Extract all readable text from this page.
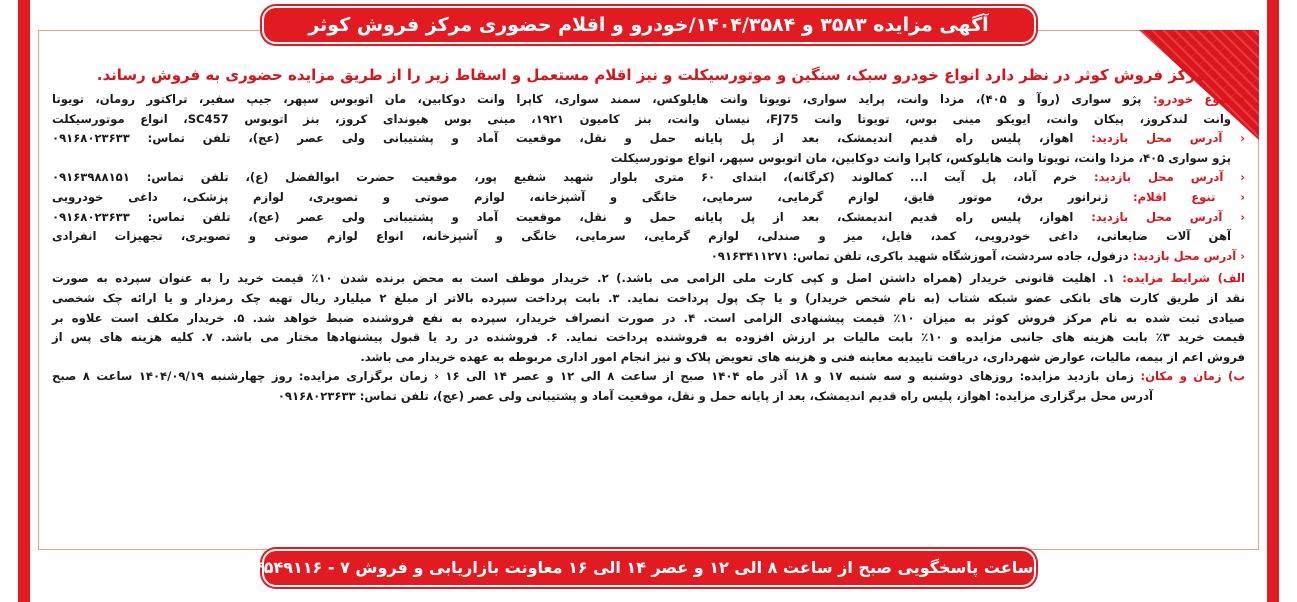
آگهی مزایده ۳۵۸۳ و ۱۴۰۴/۳۵۸۴/خودرو و اقلام حضوری مرکز فروش کوثر
مرکز فروش کوثر در نظر دارد انواع خودرو سبک، سنگین و موتورسیکلت و نیز اقلام مستعمل و اسقاط زیر را از طریق مزایده حضوری به فروش رساند.
‹ تنوع خودرو: پژو سواری (روآ و ۴۰۵)، مزدا وانت، پراید سواری، تویوتا وانت هایلوکس، سمند سواری، کاپرا وانت دوکابین، مان اتوبوس سپهر، جیپ سفیر، تراکتور رومان، تویوتا
وانت لندکروز، پیکان وانت، ایویکو مینی بوس، تویوتا وانت FJ75، نیسان وانت، بنز کامیون ۱۹۲۱، مینی بوس هیوندای کروز، بنز اتوبوس SC457، انواع موتورسیکلت
‹ آدرس محل بازدید: اهواز، پلیس راه قدیم اندیمشک، بعد از پل پایانه حمل و نقل، موقعیت آماد و پشتیبانی ولی عصر (عج)، تلفن تماس: ۰۹۱۶۸۰۲۳۶۳۳
پژو سواری ۴۰۵، مزدا وانت، تویوتا وانت هایلوکس، کاپرا وانت دوکابین، مان اتوبوس سپهر، انواع موتورسیکلت
‹ آدرس محل بازدید: خرم آباد، پل آیت ا... کمالوند (کرگانه)، ابتدای ۶۰ متری بلوار شهید شفیع پور، موقعیت حضرت ابوالفضل (ع)، تلفن تماس: ۰۹۱۶۳۹۸۸۱۵۱
‹ تنوع اقلام: ژنراتور برق، موتور قایق، لوازم گرمایی، سرمایی، خانگی و آشپزخانه، لوازم صوتی و تصویری، لوازم پزشکی، داغی خودرویی
‹ آدرس محل بازدید: اهواز، پلیس راه قدیم اندیمشک، بعد از پل پایانه حمل و نقل، موقعیت آماد و پشتیبانی ولی عصر (عج)، تلفن تماس: ۰۹۱۶۸۰۲۳۶۳۳
آهن آلات ضایعاتی، داغی خودرویی، کمد، فایل، میز و صندلی، لوازم گرمایی، سرمایی، خانگی و آشپزخانه، انواع لوازم صوتی و تصویری، تجهیزات انفرادی
‹ آدرس محل بازدید: دزفول، جاده سردشت، آموزشگاه شهید باکری، تلفن تماس: ۰۹۱۶۳۴۱۱۲۷۱
الف) شرایط مزایده: ۱. اهلیت قانونی خریدار (همراه داشتن اصل و کپی کارت ملی الزامی می باشد.) ۲. خریدار موظف است به محض برنده شدن ۱۰٪ قیمت خرید را به عنوان سپرده به صورت
نقد از طریق کارت های بانکی عضو شبکه شتاب (به نام شخص خریدار) و یا چک پول پرداخت نماید. ۳. بابت پرداخت سپرده بالاتر از مبلغ ۲ میلیارد ریال تهیه چک رمزدار و یا ارائه چک شخصی
صیادی ثبت شده به نام مرکز فروش کوثر به میزان ۱۰٪ قیمت پیشنهادی الزامی است. ۴. در صورت انصراف خریدار، سپرده به نفع فروشنده ضبط خواهد شد. ۵. خریدار مکلف است علاوه بر
قیمت خرید ۳٪ بابت هزینه های جانبی مزایده و ۱۰٪ بابت مالیات بر ارزش افزوده به فروشنده پرداخت نماید. ۶. فروشنده در رد یا قبول پیشنهادها مختار می باشد. ۷. کلیه هزینه های پس از
فروش اعم از بیمه، مالیات، عوارض شهرداری، دریافت تاییدیه معاینه فنی و هزینه های تعویض پلاک و نیز انجام امور اداری مربوطه به عهده خریدار می باشد.
ب) زمان و مکان: زمان بازدید مزایده: روزهای دوشنبه و سه شنبه ۱۷ و ۱۸ آذر ماه ۱۴۰۴ صبح از ساعت ۸ الی ۱۲ و عصر ۱۴ الی ۱۶ ‹ زمان برگزاری مزایده: روز چهارشنبه ۱۴۰۴/۰۹/۱۹ ساعت ۸ صبح
آدرس محل برگزاری مزایده: اهواز، پلیس راه قدیم اندیمشک، بعد از پایانه حمل و نقل، موقعیت آماد و پشتیبانی ولی عصر (عج)، تلفن تماس: ۰۹۱۶۸۰۲۳۶۳۳
ساعت پاسخگویی صبح از ساعت ۸ الی ۱۲ و عصر ۱۴ الی ۱۶ معاونت بازاریابی و فروش ۷ - ۴۴۵۴۹۱۱۶ - ۰۲۱
